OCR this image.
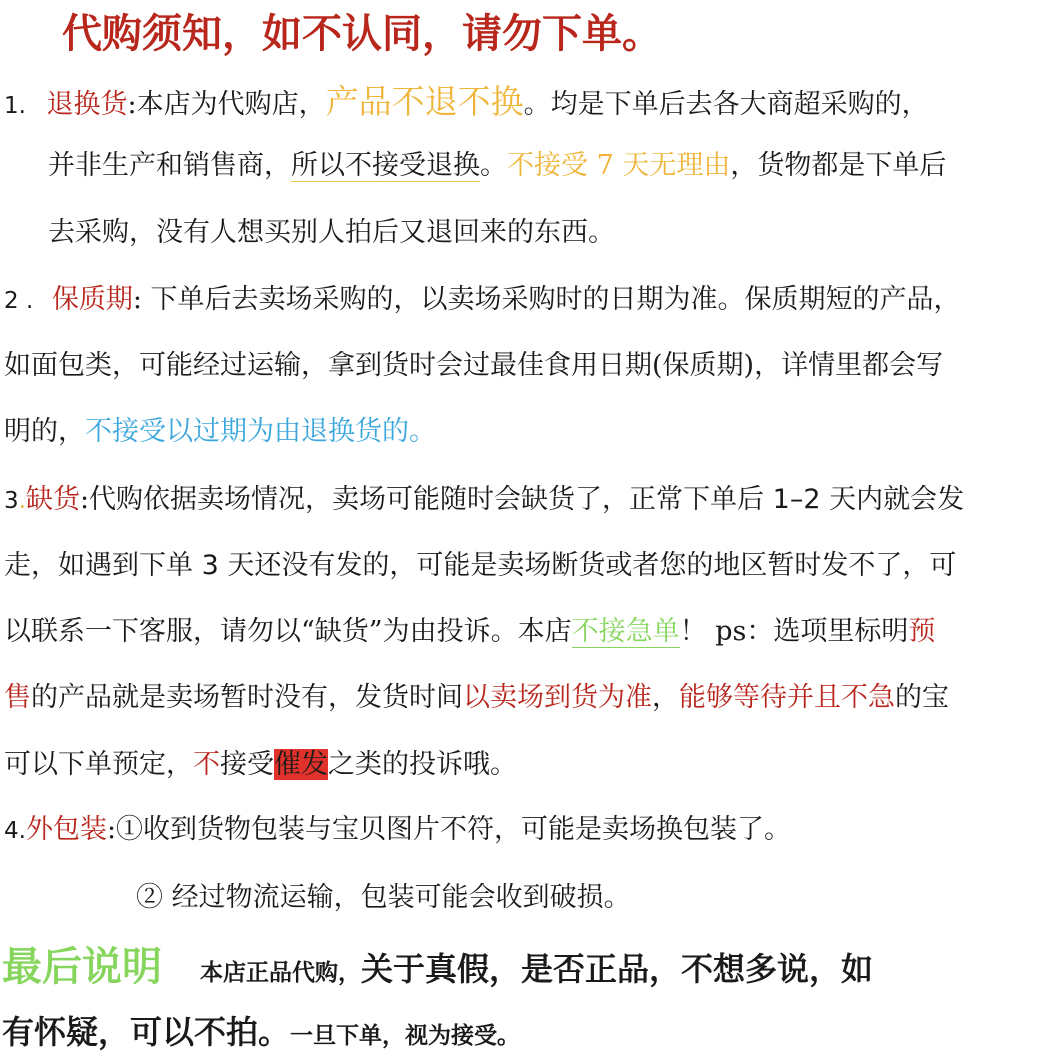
代购须知，如不认同，请勿下单。
1. 退换货:本店为代购店，产品不退不换。均是下单后去各大商超采购的，
并非生产和销售商，所以不接受退换。不接受 7 天无理由，货物都是下单后
去采购，没有人想买别人拍后又退回来的东西。
2 . 保质期: 下单后去卖场采购的，以卖场采购时的日期为准。保质期短的产品，
如面包类，可能经过运输，拿到货时会过最佳食用日期(保质期)，详情里都会写
明的，不接受以过期为由退换货的。
3.缺货:代购依据卖场情况，卖场可能随时会缺货了，正常下单后 1–2 天内就会发
走，如遇到下单 3 天还没有发的，可能是卖场断货或者您的地区暂时发不了，可
以联系一下客服，请勿以“缺货”为由投诉。本店不接急单！ ps：选项里标明预
售的产品就是卖场暂时没有，发货时间以卖场到货为准，能够等待并且不急的宝
可以下单预定，不接受催发之类的投诉哦。
4.外包装:①收到货物包装与宝贝图片不符，可能是卖场换包装了。
② 经过物流运输，包装可能会收到破损。
最后说明 本店正品代购，关于真假，是否正品，不想多说，如
有怀疑，可以不拍。一旦下单，视为接受。
